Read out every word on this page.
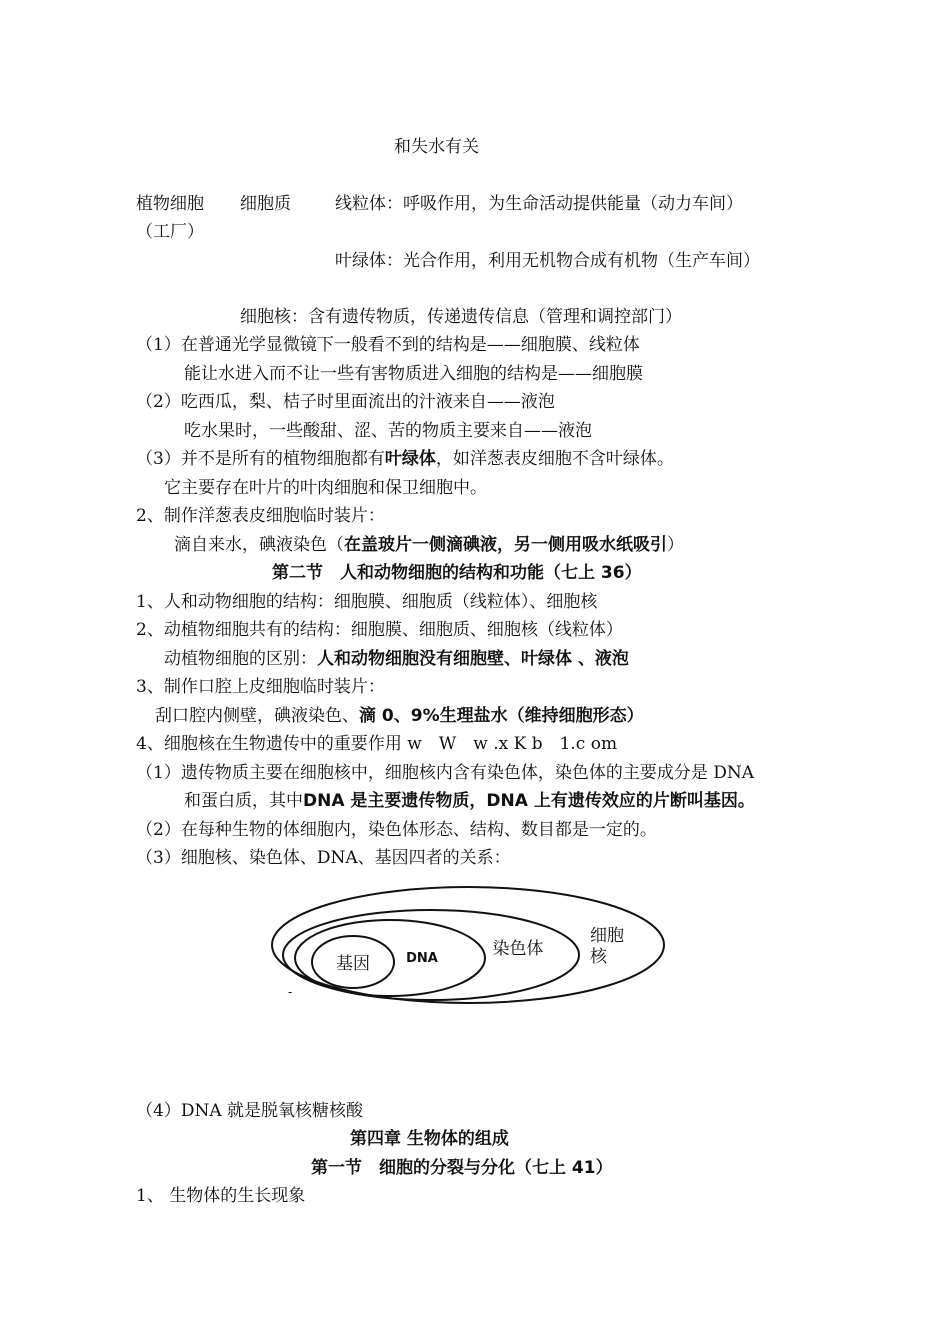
和失水有关
植物细胞 细胞质	线粒体：呼吸作用，为生命活动提供能量（动力车间）
（工厂）
叶绿体：光合作用，利用无机物合成有机物（生产车间）
细胞核：含有遗传物质，传递遗传信息（管理和调控部门）
（1）在普通光学显微镜下一般看不到的结构是——细胞膜、线粒体
能让水进入而不让一些有害物质进入细胞的结构是——细胞膜
（2）吃西瓜，梨、桔子时里面流出的汁液来自——液泡
吃水果时，一些酸甜、涩、苦的物质主要来自——液泡
（3）并不是所有的植物细胞都有叶绿体，如洋葱表皮细胞不含叶绿体。
它主要存在叶片的叶肉细胞和保卫细胞中。
2、制作洋葱表皮细胞临时装片：
滴自来水，碘液染色（在盖玻片一侧滴碘液，另一侧用吸水纸吸引）
第二节　人和动物细胞的结构和功能（七上 36）
1、人和动物细胞的结构：细胞膜、细胞质（线粒体）、细胞核
2、动植物细胞共有的结构：细胞膜、细胞质、细胞核（线粒体）
动植物细胞的区别：人和动物细胞没有细胞壁、叶绿体 、液泡
3、制作口腔上皮细胞临时装片：
刮口腔内侧壁，碘液染色、滴 0、9%生理盐水（维持细胞形态）
4、细胞核在生物遗传中的重要作用 w　W　w .x K b　1.c om
（1）遗传物质主要在细胞核中，细胞核内含有染色体，染色体的主要成分是 DNA
和蛋白质，其中DNA 是主要遗传物质，DNA 上有遗传效应的片断叫基因。
（2）在每种生物的体细胞内，染色体形态、结构、数目都是一定的。
（3）细胞核、染色体、DNA、基因四者的关系：
基因	DNA	染色体
细胞
核
-
（4）DNA 就是脱氧核糖核酸
第四章 生物体的组成
第一节　细胞的分裂与分化（七上 41）
1、 生物体的生长现象
